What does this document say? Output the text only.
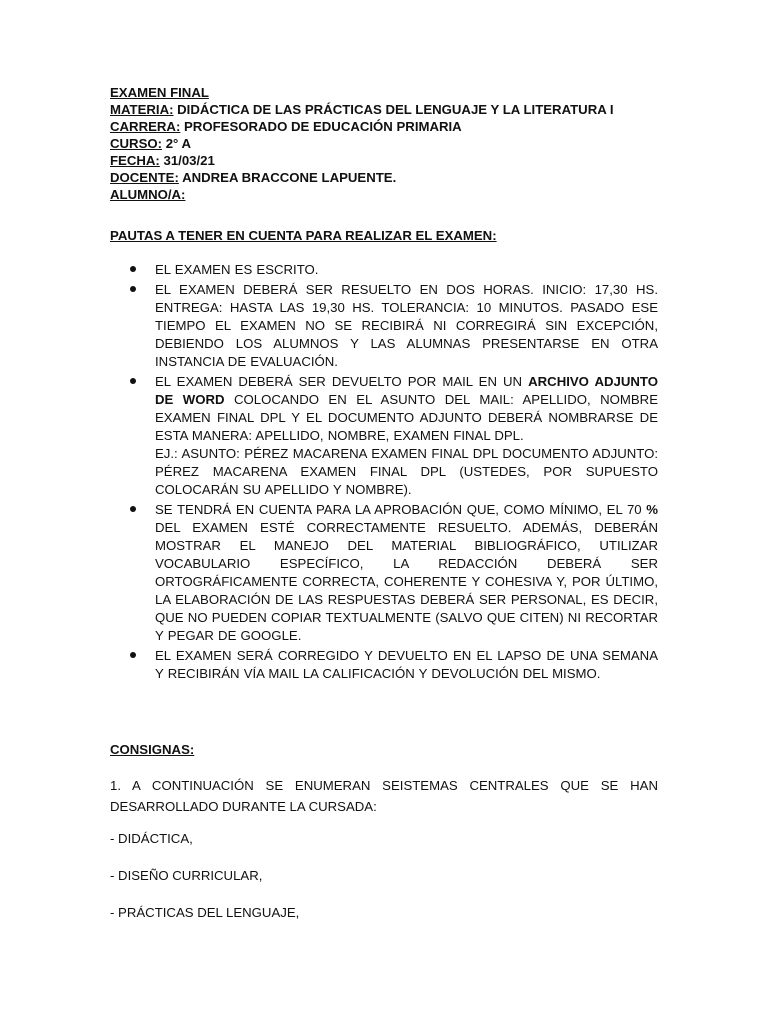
EXAMEN FINAL
MATERIA: DIDÁCTICA DE LAS PRÁCTICAS DEL LENGUAJE Y LA LITERATURA I
CARRERA: PROFESORADO DE EDUCACIÓN PRIMARIA
CURSO: 2° A
FECHA: 31/03/21
DOCENTE: ANDREA BRACCONE LAPUENTE.
ALUMNO/A:
PAUTAS A TENER EN CUENTA PARA REALIZAR EL EXAMEN:

EL EXAMEN ES ESCRITO.

EL EXAMEN DEBERÁ SER RESUELTO EN DOS HORAS. INICIO: 17,30 HS. ENTREGA: HASTA LAS 19,30 HS. TOLERANCIA: 10 MINUTOS. PASADO ESE TIEMPO EL EXAMEN NO SE RECIBIRÁ NI CORREGIRÁ SIN EXCEPCIÓN, DEBIENDO LOS ALUMNOS Y LAS ALUMNAS PRESENTARSE EN OTRA INSTANCIA DE EVALUACIÓN.

EL EXAMEN DEBERÁ SER DEVUELTO POR MAIL EN UN ARCHIVO ADJUNTO DE WORD COLOCANDO EN EL ASUNTO DEL MAIL: APELLIDO, NOMBRE EXAMEN FINAL DPL Y EL DOCUMENTO ADJUNTO DEBERÁ NOMBRARSE DE ESTA MANERA: APELLIDO, NOMBRE, EXAMEN FINAL DPL.

EJ.: ASUNTO: PÉREZ MACARENA EXAMEN FINAL DPL DOCUMENTO ADJUNTO: PÉREZ MACARENA EXAMEN FINAL DPL (USTEDES, POR SUPUESTO COLOCARÁN SU APELLIDO Y NOMBRE).

SE TENDRÁ EN CUENTA PARA LA APROBACIÓN QUE, COMO MÍNIMO, EL 70 % DEL EXAMEN ESTÉ CORRECTAMENTE RESUELTO. ADEMÁS, DEBERÁN MOSTRAR EL MANEJO DEL MATERIAL BIBLIOGRÁFICO, UTILIZAR VOCABULARIO ESPECÍFICO, LA REDACCIÓN DEBERÁ SER ORTOGRÁFICAMENTE CORRECTA, COHERENTE Y COHESIVA Y, POR ÚLTIMO, LA ELABORACIÓN DE LAS RESPUESTAS DEBERÁ SER PERSONAL, ES DECIR, QUE NO PUEDEN COPIAR TEXTUALMENTE (SALVO QUE CITEN) NI RECORTAR Y PEGAR DE GOOGLE.

EL EXAMEN SERÁ CORREGIDO Y DEVUELTO EN EL LAPSO DE UNA SEMANA Y RECIBIRÁN VÍA MAIL LA CALIFICACIÓN Y DEVOLUCIÓN DEL MISMO.

CONSIGNAS:
1. A CONTINUACIÓN SE ENUMERAN SEISTEMAS CENTRALES QUE SE HAN DESARROLLADO DURANTE LA CURSADA:
- DIDÁCTICA,
- DISEÑO CURRICULAR,
- PRÁCTICAS DEL LENGUAJE,
